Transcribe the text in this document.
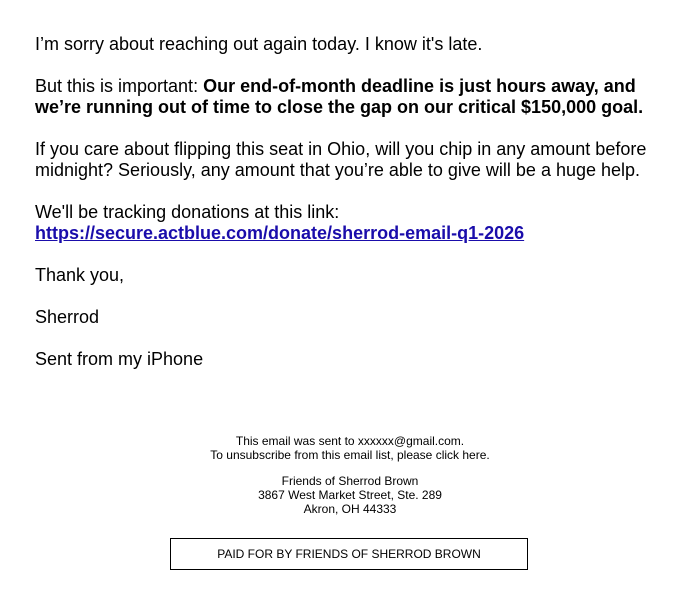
I’m sorry about reaching out again today. I know it's late.

But this is important: Our end-of-month deadline is just hours away, and we’re running out of time to close the gap on our critical $150,000 goal.

If you care about flipping this seat in Ohio, will you chip in any amount before midnight? Seriously, any amount that you’re able to give will be a huge help.

We'll be tracking donations at this link:
https://secure.actblue.com/donate/sherrod-email-q1-2026

Thank you,

Sherrod

Sent from my iPhone

This email was sent to xxxxxx@gmail.com.
To unsubscribe from this email list, please click here.

Friends of Sherrod Brown
3867 West Market Street, Ste. 289
Akron, OH 44333

PAID FOR BY FRIENDS OF SHERROD BROWN
